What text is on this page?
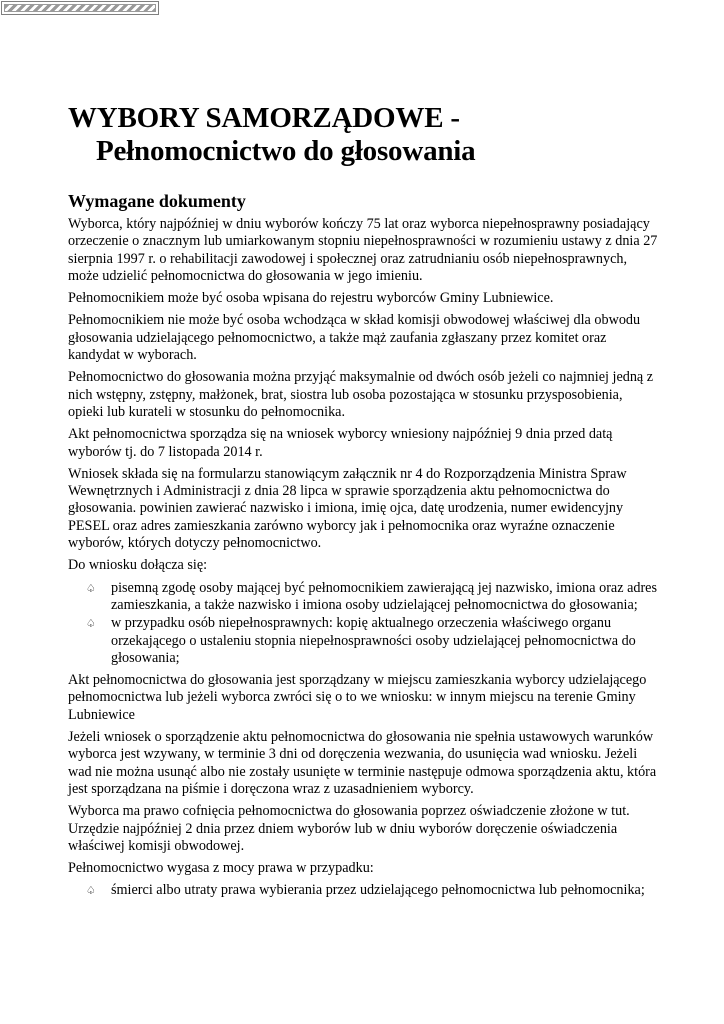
WYBORY SAMORZĄDOWE -
Pełnomocnictwo do głosowania
Wymagane dokumenty

Wyborca, który najpóźniej w dniu wyborów kończy 75 lat oraz wyborca niepełnosprawny posiadający orzeczenie o znacznym lub umiarkowanym stopniu niepełnosprawności w rozumieniu ustawy z dnia 27 sierpnia 1997 r. o rehabilitacji zawodowej i społecznej oraz zatrudnianiu osób niepełnosprawnych, może udzielić pełnomocnictwa do głosowania w jego imieniu.

Pełnomocnikiem może być osoba wpisana do rejestru wyborców Gminy Lubniewice.

Pełnomocnikiem nie może być osoba wchodząca w skład komisji obwodowej właściwej dla obwodu głosowania udzielającego pełnomocnictwo, a także mąż zaufania zgłaszany przez komitet oraz kandydat w wyborach.

Pełnomocnictwo do głosowania można przyjąć maksymalnie od dwóch osób jeżeli co najmniej jedną z nich wstępny, zstępny, małżonek, brat, siostra lub osoba pozostająca w stosunku przysposobienia, opieki lub kurateli w stosunku do pełnomocnika.

Akt pełnomocnictwa sporządza się na wniosek wyborcy wniesiony najpóźniej 9 dnia przed datą wyborów tj. do 7 listopada 2014 r.

Wniosek składa się na formularzu stanowiącym załącznik nr 4 do Rozporządzenia Ministra Spraw Wewnętrznych i Administracji z dnia 28 lipca w sprawie sporządzenia aktu pełnomocnictwa do głosowania. powinien zawierać nazwisko i imiona, imię ojca, datę urodzenia, numer ewidencyjny PESEL oraz adres zamieszkania zarówno wyborcy jak i pełnomocnika oraz wyraźne oznaczenie wyborów, których dotyczy pełnomocnictwo.

Do wniosku dołącza się:

♤ pisemną zgodę osoby mającej być pełnomocnikiem zawierającą jej nazwisko, imiona oraz adres zamieszkania, a także nazwisko i imiona osoby udzielającej pełnomocnictwa do głosowania;
♤ w przypadku osób niepełnosprawnych: kopię aktualnego orzeczenia właściwego organu orzekającego o ustaleniu stopnia niepełnosprawności osoby udzielającej pełnomocnictwa do głosowania;

Akt pełnomocnictwa do głosowania jest sporządzany w miejscu zamieszkania wyborcy udzielającego pełnomocnictwa lub jeżeli wyborca zwróci się o to we wniosku: w innym miejscu na terenie Gminy Lubniewice

Jeżeli wniosek o sporządzenie aktu pełnomocnictwa do głosowania nie spełnia ustawowych warunków wyborca jest wzywany, w terminie 3 dni od doręczenia wezwania, do usunięcia wad wniosku. Jeżeli wad nie można usunąć albo nie zostały usunięte w terminie następuje odmowa sporządzenia aktu, która jest sporządzana na piśmie i doręczona wraz z uzasadnieniem wyborcy.

Wyborca ma prawo cofnięcia pełnomocnictwa do głosowania poprzez oświadczenie złożone w tut. Urzędzie najpóźniej 2 dnia przez dniem wyborów lub w dniu wyborów doręczenie oświadczenia właściwej komisji obwodowej.

Pełnomocnictwo wygasa z mocy prawa w przypadku:

♤ śmierci albo utraty prawa wybierania przez udzielającego pełnomocnictwa lub pełnomocnika;
